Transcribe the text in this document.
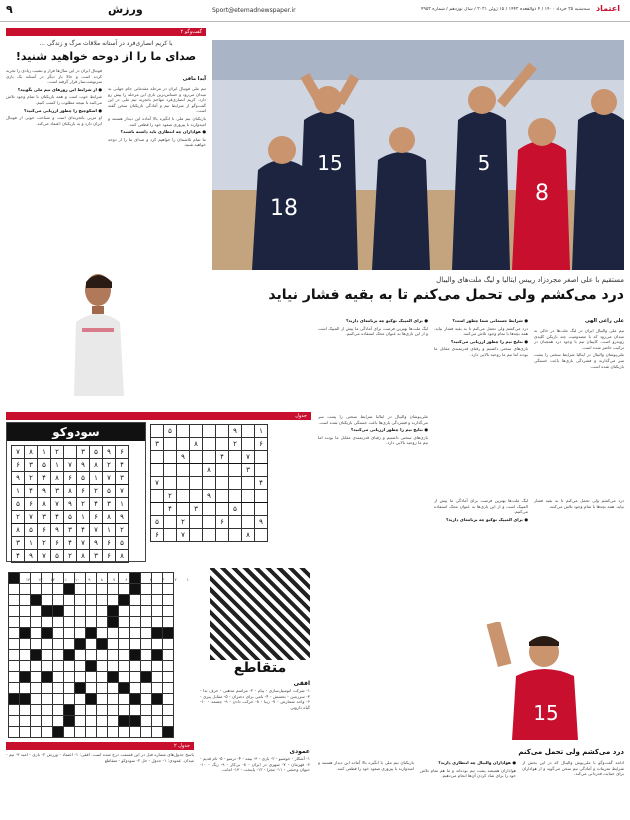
۹	ورزش	Sport@etemadnewspaper.ir	سه‌شنبه ۲۵ خرداد ۱۴۰۰ / ۴ ذوالقعده ۱۴۴۲ / ۱۵ ژوئن ۲۰۲۱ / سال نوزدهم / شماره ۴۹۵۲ اعتماد
گفت‌و‌گو ۲
با کریم انصاری‌فرد در آستانه ملاقات مرگ و زندگی ...
صدای ما را از دوحه خواهید شنید!

فوتبال ایران در این سال‌ها فراز و نشیب زیادی را تجربه کرده است و حالا بار دیگر در آستانه یک بازی سرنوشت‌ساز قرار گرفته است.

● از شرایط این روزهای تیم ملی بگویید؟

شرایط خوب است و همه بازیکنان با تمام وجود تلاش می‌کنند تا نتیجه مطلوب را کسب کنیم.

● اسکوچیچ را چطور ارزیابی می‌کنید؟

او مربی باتجربه‌ای است و شناخت خوبی از فوتبال ایران دارد و به بازیکنان اعتماد می‌کند.

آیدا مافی

تیم ملی فوتبال ایران در مرحله مقدماتی جام جهانی به میدان می‌رود و حساس‌ترین بازی این مرحله را پیش رو دارد. کریم انصاری‌فرد مهاجم باتجربه تیم ملی در این گفت‌وگو از شرایط تیم و آمادگی بازیکنان سخن گفته است.

بازیکنان تیم ملی با انگیزه بالا آماده این دیدار هستند و امیدوارند با پیروزی صعود خود را قطعی کنند.

● هواداران چه انتظاری باید داشته باشند؟

ما تمام تلاشمان را خواهیم کرد و صدای ما را از دوحه خواهید شنید.

18
15	5
8
مستقیم با علی اصغر مجردزاد رییس ایتالیا و لیگ ملت‌های والیبال
درد می‌کشم ولی تحمل می‌کنم تا به بقیه فشار نیاید
علی راغی الهی

تیم ملی والیبال ایران در لیگ ملت‌ها در حالی به میدان می‌رود که با مصدومیت چند بازیکن کلیدی روبه‌رو است. کاپیتان تیم با وجود درد همچنان در ترکیب حاضر شده است.

ملی‌پوشان والیبال در ایتالیا شرایط سختی را پشت سر می‌گذارند و فشردگی بازی‌ها باعث خستگی بازیکنان شده است.

● شرایط جسمانی شما چطور است؟

درد می‌کشم ولی تحمل می‌کنم تا به بقیه فشار نیاید. همه بچه‌ها با تمام وجود تلاش می‌کنند.

● نتایج تیم را چطور ارزیابی می‌کنید؟

بازی‌های سختی داشتیم و رقبای قدرتمندی مقابل ما بودند اما تیم ما روحیه بالایی دارد.

● برای المپیک توکیو چه برنامه‌ای دارید؟

لیگ ملت‌ها بهترین فرصت برای آمادگی ما پیش از المپیک است و از این بازی‌ها به عنوان محک استفاده می‌کنیم.

جدول
	۵					۹		۱
۳			۸			۲		۶
		۹			۴		۷	
				۸			۳	
۷								۴
	۲			۹				
	۴		۳			۵		
۵		۲			۶			۹
۶		۷					۸	
سودوکو
۷	۸	۱	۲		۳	۵	۹	۶
۶	۳	۵	۱	۷	۹	۸	۲	۴
۹	۲	۴	۸	۶	۵	۱	۷	۳
۱	۴	۹	۳	۸	۶	۲	۵	۷
۵	۶	۸	۷	۹	۲	۴	۳	۱
۲	۷	۳	۴	۵	۱	۶	۸	۹
۸	۵	۶	۹	۳	۴	۷	۱	۲
۳	۱	۲	۶	۴	۷	۹	۶	۵
۴	۹	۷	۵	۲	۸	۳	۶	۸
۱۲۳۴۶۷۸۹۱۰۱۱۱۲۱۳۱۴

متقاطع
افقی
۱- شرکت اتومبیل‌سازی - پیام - ۲- مراسم مذهبی - حرف ندا - ۳- سرزمین - بخشش - ۴- نامی برای دختران - ۵- مقابل پیری - ۶- واحد شمارش - ۷- زیبا - ۸- حرکت دادن - ۹- چشمه - ۱۰- گیاه دارویی
عمودی
۱- آشکار - خوشبو - ۲- بازی - ۳- بیمه - ۴- ترسو - ۵- نام قدیم - ۶- قهرمان - ۷- شهری در ایران - ۸- بی‌کار - ۹- رنگ - ۱۰- حیوان وحشی - ۱۱- مجرا - ۱۲- پایتخت - ۱۳- امانت
جدول ۲
پاسخ جدول‌های شماره قبل در این قسمت درج شده است. افقی: ۱- اعتماد - ورزش ۲- بازی - امید ۳- تیم - میدان. عمودی: ۱- جدول - حل ۲- سودوکو - متقاطع

ملی‌پوشان والیبال در ایتالیا شرایط سختی را پشت سر می‌گذارند و فشردگی بازی‌ها باعث خستگی بازیکنان شده است.

● نتایج تیم را چطور ارزیابی می‌کنید؟

بازی‌های سختی داشتیم و رقبای قدرتمندی مقابل ما بودند اما تیم ما روحیه بالایی دارد.

لیگ ملت‌ها بهترین فرصت برای آمادگی ما پیش از المپیک است و از این بازی‌ها به عنوان محک استفاده می‌کنیم.

● برای المپیک توکیو چه برنامه‌ای دارید؟

درد می‌کشم ولی تحمل می‌کنم تا به بقیه فشار نیاید. همه بچه‌ها با تمام وجود تلاش می‌کنند.

15
درد می‌کشم ولی تحمل می‌کنم

ادامه گفت‌وگو با ملی‌پوش والیبال که در این بخش از شرایط تمرینات و آمادگی تیم سخن می‌گوید و از هواداران برای حمایت قدردانی می‌کند.

● هواداران والیبال چه انتظاری دارند؟

هواداران همیشه پشت تیم بوده‌اند و ما هم تمام تلاش خود را برای شاد کردن آن‌ها انجام می‌دهیم.

بازیکنان تیم ملی با انگیزه بالا آماده این دیدار هستند و امیدوارند با پیروزی صعود خود را قطعی کنند.
